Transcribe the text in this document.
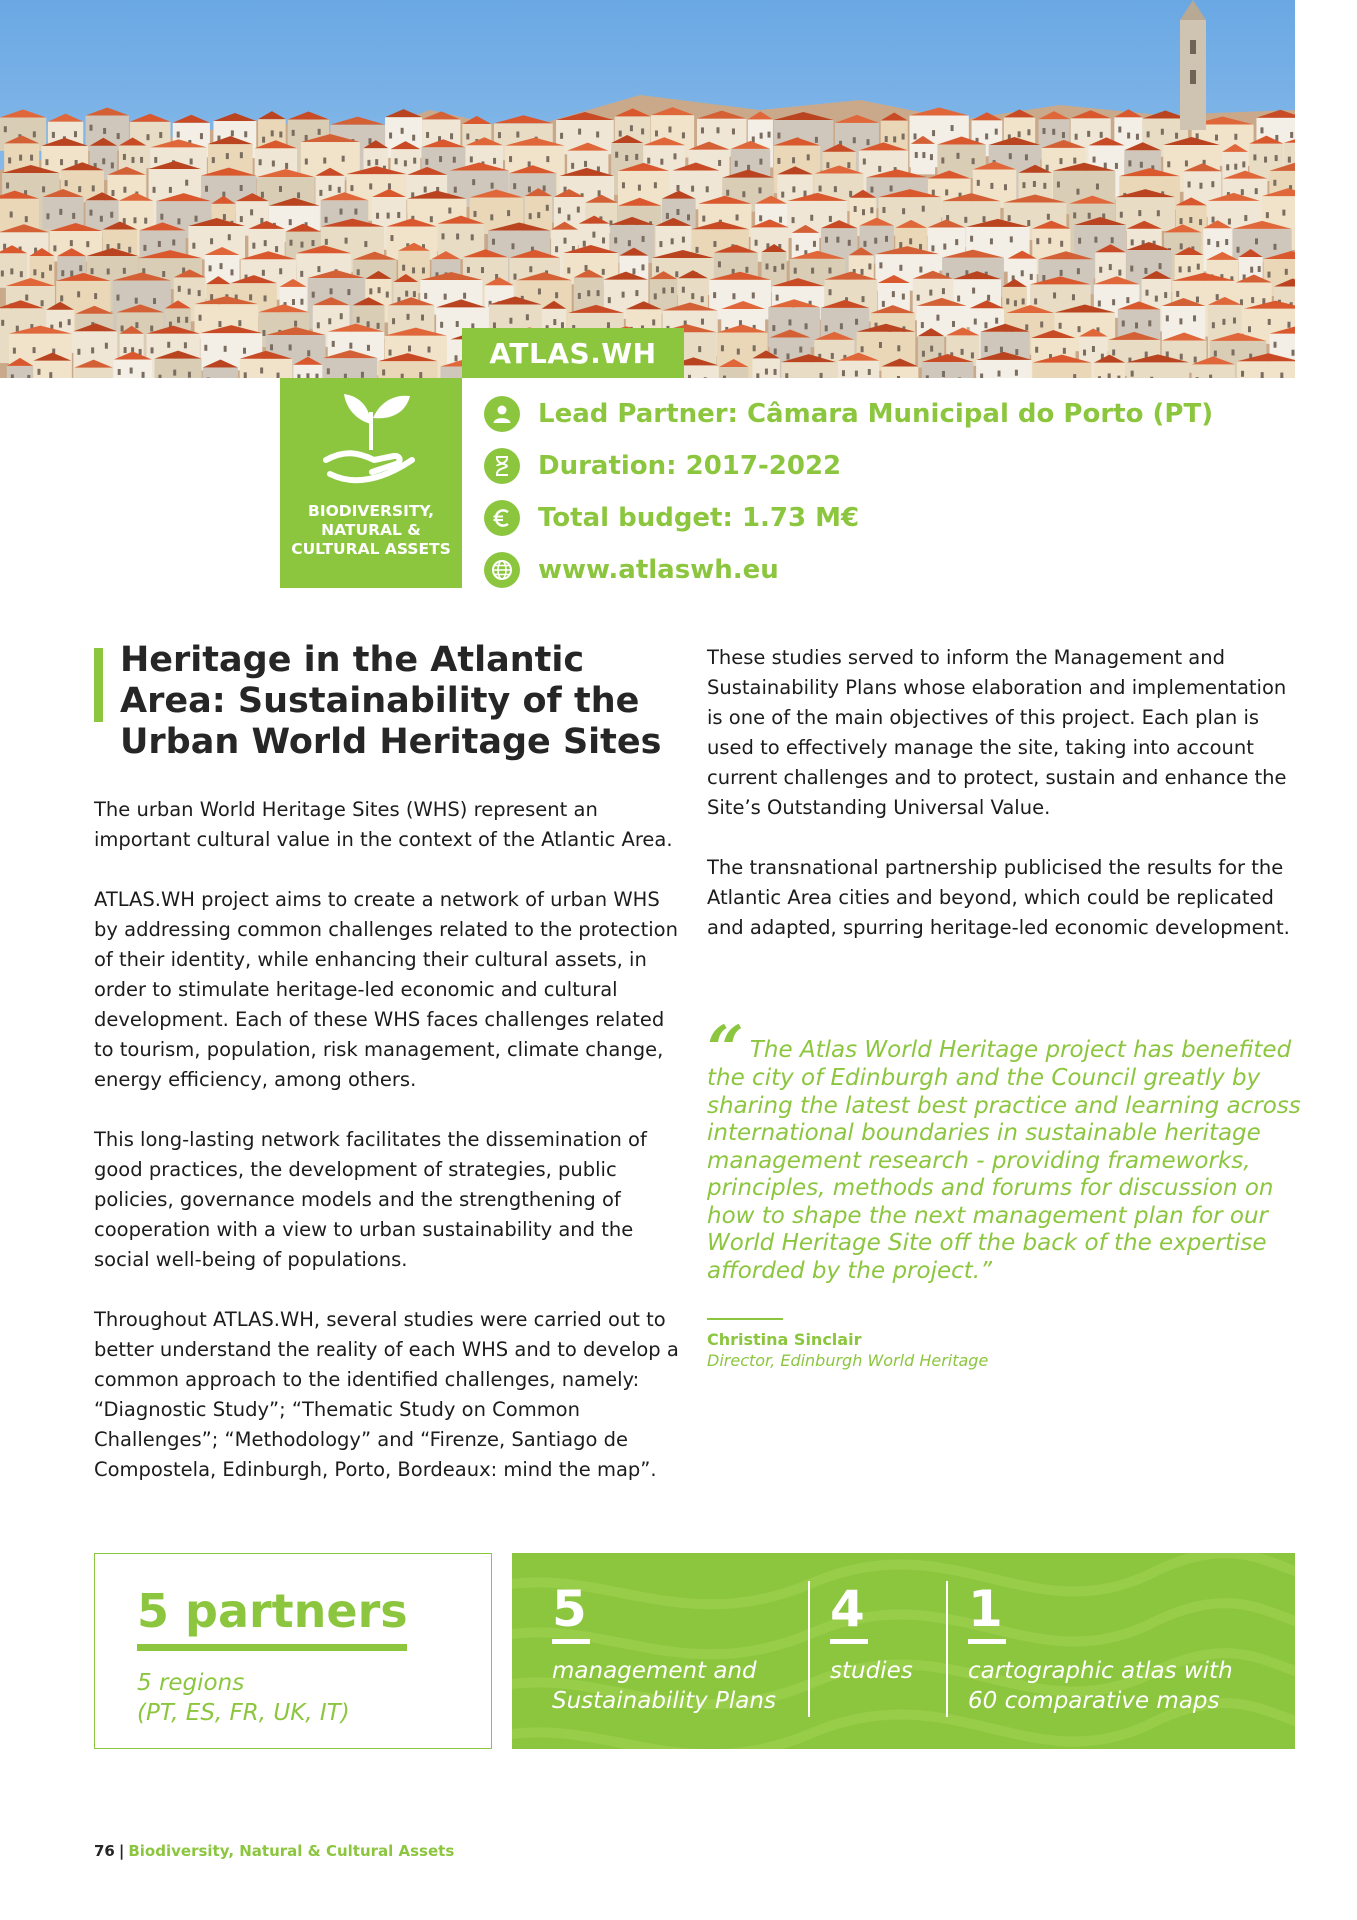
ATLAS.WH
BIODIVERSITY, NATURAL & CULTURAL ASSETS
Lead Partner: Câmara Municipal do Porto (PT)
Duration: 2017-2022
Total budget: 1.73 M€
www.atlaswh.eu
Heritage in the Atlantic Area: Sustainability of the Urban World Heritage Sites

The urban World Heritage Sites (WHS) represent an important cultural value in the context of the Atlantic Area.

ATLAS.WH project aims to create a network of urban WHS by addressing common challenges related to the protection of their identity, while enhancing their cultural assets, in order to stimulate heritage-led economic and cultural development. Each of these WHS faces challenges related to tourism, population, risk management, climate change, energy efficiency, among others.

This long-lasting network facilitates the dissemination of good practices, the development of strategies, public policies, governance models and the strengthening of cooperation with a view to urban sustainability and the social well-being of populations.

Throughout ATLAS.WH, several studies were carried out to better understand the reality of each WHS and to develop a common approach to the identified challenges, namely: “Diagnostic Study”; “Thematic Study on Common Challenges”; “Methodology” and “Firenze, Santiago de Compostela, Edinburgh, Porto, Bordeaux: mind the map”.

These studies served to inform the Management and Sustainability Plans whose elaboration and implementation is one of the main objectives of this project. Each plan is used to effectively manage the site, taking into account current challenges and to protect, sustain and enhance the Site’s Outstanding Universal Value.

The transnational partnership publicised the results for the Atlantic Area cities and beyond, which could be replicated and adapted, spurring heritage-led economic development.

“ The Atlas World Heritage project has benefited the city of Edinburgh and the Council greatly by sharing the latest best practice and learning across international boundaries in sustainable heritage management research - providing frameworks, principles, methods and forums for discussion on how to shape the next management plan for our World Heritage Site off the back of the expertise afforded by the project.”
Christina Sinclair
Director, Edinburgh World Heritage
5 partners
5 regions
(PT, ES, FR, UK, IT)
5
management and
Sustainability Plans
4
studies
1
cartographic atlas with
60 comparative maps
76 | Biodiversity, Natural & Cultural Assets
